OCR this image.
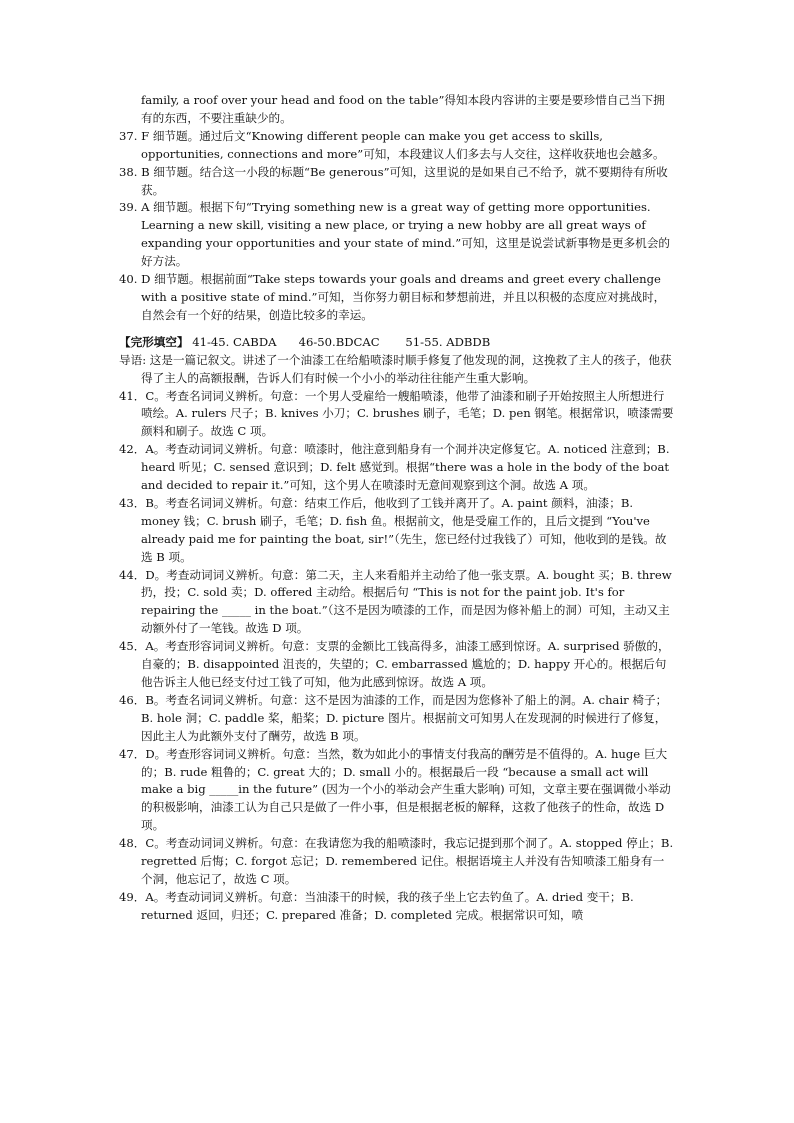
family, a roof over your head and food on the table”得知本段内容讲的主要是要珍惜自己当下拥有的东西，不要注重缺少的。

37. F 细节题。通过后文“Knowing different people can make you get access to skills, opportunities, connections and more”可知，本段建议人们多去与人交往，这样收获地也会越多。

38. B 细节题。结合这一小段的标题“Be generous”可知，这里说的是如果自己不给予，就不要期待有所收获。

39. A 细节题。根据下句“Trying something new is a great way of getting more opportunities. Learning a new skill, visiting a new place, or trying a new hobby are all great ways of expanding your opportunities and your state of mind.”可知，这里是说尝试新事物是更多机会的好方法。

40. D 细节题。根据前面“Take steps towards your goals and dreams and greet every challenge with a positive state of mind.”可知，当你努力朝目标和梦想前进，并且以积极的态度应对挑战时，自然会有一个好的结果，创造比较多的幸运。

【完形填空】 41-45. CABDA      46-50.BDCAC       51-55. ADBDB

导语: 这是一篇记叙文。讲述了一个油漆工在给船喷漆时顺手修复了他发现的洞，这挽救了主人的孩子，他获得了主人的高额报酬，告诉人们有时候一个小小的举动往往能产生重大影响。

41．C。考查名词词义辨析。句意：一个男人受雇给一艘船喷漆，他带了油漆和刷子开始按照主人所想进行喷绘。A. rulers 尺子；B. knives 小刀；C. brushes 刷子，毛笔；D. pen 钢笔。根据常识，喷漆需要颜料和刷子。故选 C 项。

42．A。考查动词词义辨析。句意：喷漆时，他注意到船身有一个洞并决定修复它。A. noticed 注意到；B. heard 听见；C. sensed 意识到；D. felt 感觉到。根据“there was a hole in the body of the boat and decided to repair it.”可知，这个男人在喷漆时无意间观察到这个洞。故选 A 项。

43．B。考查名词词义辨析。句意：结束工作后，他收到了工钱并离开了。A. paint 颜料，油漆；B. money 钱；C. brush 刷子，毛笔；D. fish 鱼。根据前文，他是受雇工作的，且后文提到 “You've already paid me for painting the boat, sir!”（先生，您已经付过我钱了）可知，他收到的是钱。故选 B 项。

44．D。考查动词词义辨析。句意：第二天，主人来看船并主动给了他一张支票。A. bought 买；B. threw 扔，投；C. sold 卖；D. offered 主动给。根据后句 “This is not for the paint job. It's for repairing the _____ in the boat.”（这不是因为喷漆的工作，而是因为修补船上的洞）可知，主动又主动额外付了一笔钱。故选 D 项。

45．A。考查形容词词义辨析。句意：支票的金额比工钱高得多，油漆工感到惊讶。A. surprised 骄傲的，自豪的；B. disappointed 沮丧的，失望的；C. embarrassed 尴尬的；D. happy 开心的。根据后句他告诉主人他已经支付过工钱了可知，他为此感到惊讶。故选 A 项。

46．B。考查名词词义辨析。句意：这不是因为油漆的工作，而是因为您修补了船上的洞。A. chair 椅子；B. hole 洞；C. paddle 桨，船桨；D. picture 图片。根据前文可知男人在发现洞的时候进行了修复，因此主人为此额外支付了酬劳，故选 B 项。

47．D。考查形容词词义辨析。句意：当然，数为如此小的事情支付我高的酬劳是不值得的。A. huge 巨大的；B. rude 粗鲁的；C. great 大的；D. small 小的。根据最后一段 “because a small act will make a big _____in the future” (因为一个小的举动会产生重大影响) 可知，文章主要在强调微小举动的积极影响，油漆工认为自己只是做了一件小事，但是根据老板的解释，这救了他孩子的性命，故选 D 项。

48．C。考查动词词义辨析。句意：在我请您为我的船喷漆时，我忘记提到那个洞了。A. stopped 停止；B. regretted 后悔；C. forgot 忘记；D. remembered 记住。根据语境主人并没有告知喷漆工船身有一个洞，他忘记了，故选 C 项。

49．A。考查动词词义辨析。句意：当油漆干的时候，我的孩子坐上它去钓鱼了。A. dried 变干；B. returned 返回，归还；C. prepared 准备；D. completed 完成。根据常识可知，喷
